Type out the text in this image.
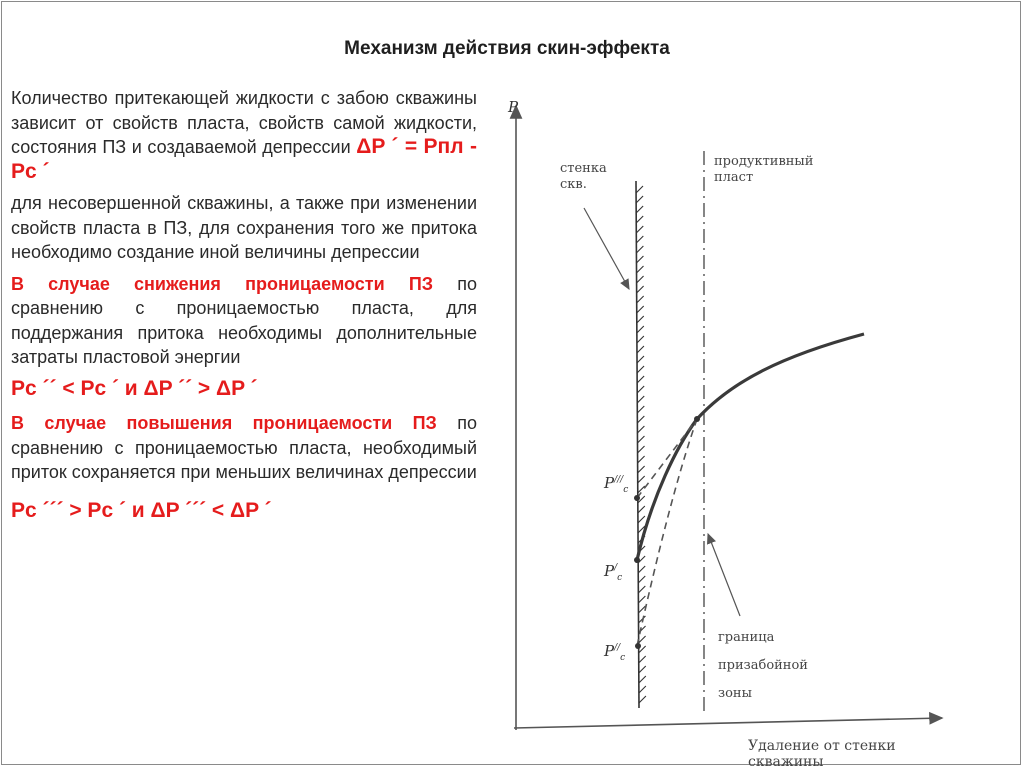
Механизм действия скин-эффекта

Количество притекающей жидкости с забою скважины зависит от свойств пласта, свойств самой жидкости, состояния ПЗ и создаваемой депрессии ΔP ´ = Рпл - Рс ´

для несовершенной скважины, а также при изменении свойств пласта в ПЗ, для сохранения того же притока необходимо создание иной величины депрессии

В случае снижения проницаемости ПЗ по сравнению с проницаемостью пласта, для поддержания притока необходимы дополнительные затраты пластовой энергии

Рс ´´ < Рс ´ и ΔP ´´ > ΔP ´

В случае повышения проницаемости ПЗ по сравнению с проницаемостью пласта, необходимый приток сохраняется при меньших величинах депрессии

Рс ´´´ > Рс ´ и ΔP ´´´ < ΔP ´
P
стенка
скв.
продуктивный
пласт
граница
призабойной
зоны
$P^{///}_c$
$P^/_c$
$P^{//}_c$
Удаление от стенки скважины
